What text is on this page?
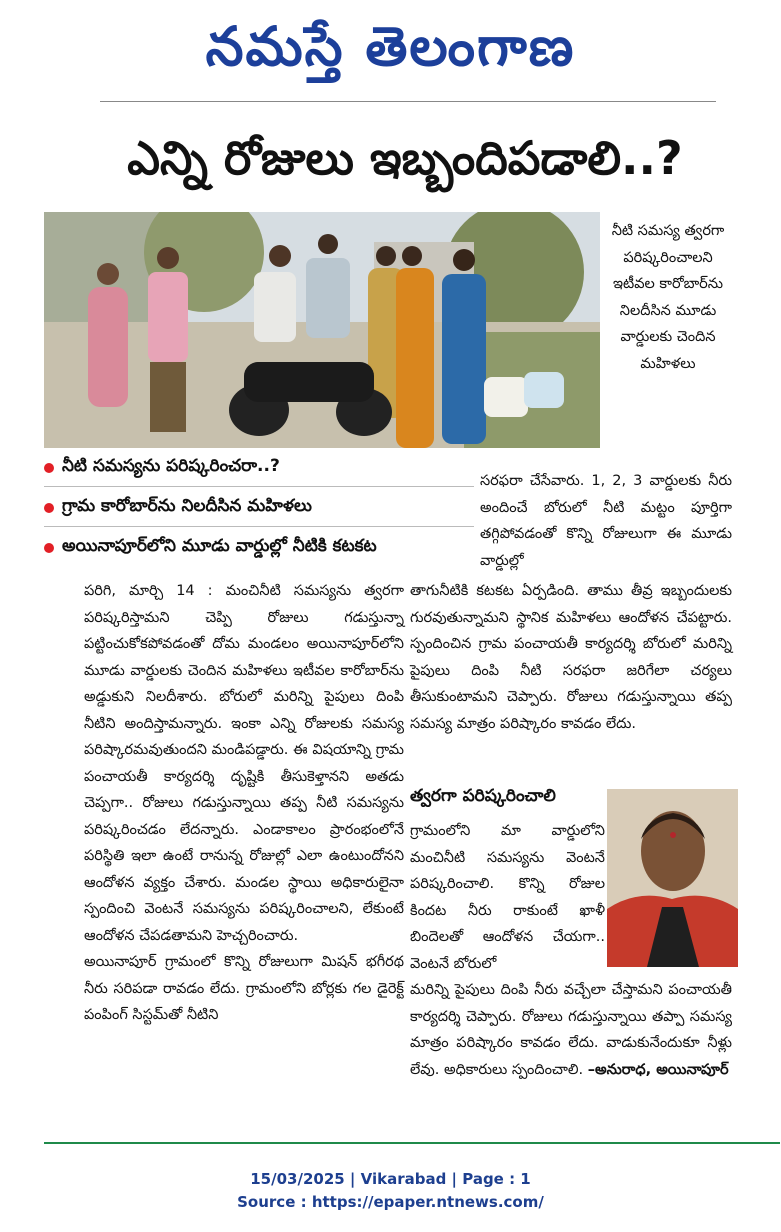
నమస్తే తెలంగాణ
ఎన్ని రోజులు ఇబ్బందిపడాలి..?
నీటి సమస్య త్వరగా పరిష్కరించాలని ఇటీవల కారోబార్‌ను నిలదీసిన మూడు వార్డులకు చెందిన మహిళలు
నీటి సమస్యను పరిష్కరించరా..?
గ్రామ కారోబార్‌ను నిలదీసిన మహిళలు
అయినాపూర్‌లోని మూడు వార్డుల్లో నీటికి కటకట
సరఫరా చేసేవారు. 1, 2, 3 వార్డులకు నీరు అందించే బోరులో నీటి మట్టం పూర్తిగా తగ్గిపోవడంతో కొన్ని రోజులుగా ఈ మూడు వార్డుల్లో
తాగునీటికి కటకట ఏర్పడింది. తాము తీవ్ర ఇబ్బందులకు గురవుతున్నామని స్థానిక మహిళలు ఆందోళన చేపట్టారు. స్పందించిన గ్రామ పంచాయతీ కార్యదర్శి బోరులో మరిన్ని పైపులు దింపి నీటి సరఫరా జరిగేలా చర్యలు తీసుకుంటామని చెప్పారు. రోజులు గడుస్తున్నాయి తప్ప సమస్య మాత్రం పరిష్కారం కావడం లేదు.
పరిగి, మార్చి 14 : మంచినీటి సమస్యను త్వరగా పరిష్కరిస్తామని చెప్పి రోజులు గడుస్తున్నా పట్టించుకోకపోవడంతో దోమ మండలం అయినాపూర్‌లోని మూడు వార్డులకు చెందిన మహిళలు ఇటీవల కారోబార్‌ను అడ్డుకుని నిలదీశారు. బోరులో మరిన్ని పైపులు దింపి నీటిని అందిస్తామన్నారు. ఇంకా ఎన్ని రోజులకు సమస్య పరిష్కారమవుతుందని మండిపడ్డారు. ఈ విషయాన్ని గ్రామ పంచాయతీ కార్యదర్శి దృష్టికి తీసుకెళ్తానని అతడు చెప్పగా.. రోజులు గడుస్తున్నాయి తప్ప నీటి సమస్యను పరిష్కరించడం లేదన్నారు. ఎండాకాలం ప్రారంభంలోనే పరిస్థితి ఇలా ఉంటే రానున్న రోజుల్లో ఎలా ఉంటుందోనని ఆందోళన వ్యక్తం చేశారు. మండల స్థాయి అధికారులైనా స్పందించి వెంటనే సమస్యను పరిష్కరించాలని, లేకుంటే ఆందోళన చేపడతామని హెచ్చరించారు.
అయినాపూర్ గ్రామంలో కొన్ని రోజులుగా మిషన్ భగీరథ నీరు సరిపడా రావడం లేదు. గ్రామంలోని బోర్లకు గల డైరెక్ట్ పంపింగ్ సిస్టమ్‌తో నీటిని
త్వరగా పరిష్కరించాలి
గ్రామంలోని మా వార్డులోని మంచినీటి సమస్యను వెంటనే పరిష్కరించాలి. కొన్ని రోజుల కిందట నీరు రాకుంటే ఖాళీ బిందెలతో ఆందోళన చేయగా.. వెంటనే బోరులో
మరిన్ని పైపులు దింపి నీరు వచ్చేలా చేస్తామని పంచాయతీ కార్యదర్శి చెప్పారు. రోజులు గడుస్తున్నాయి తప్పా సమస్య మాత్రం పరిష్కారం కావడం లేదు. వాడుకునేందుకూ నీళ్లు లేవు. అధికారులు స్పందించాలి. –అనురాధ, అయినాపూర్
15/03/2025 | Vikarabad | Page : 1
Source : https://epaper.ntnews.com/
